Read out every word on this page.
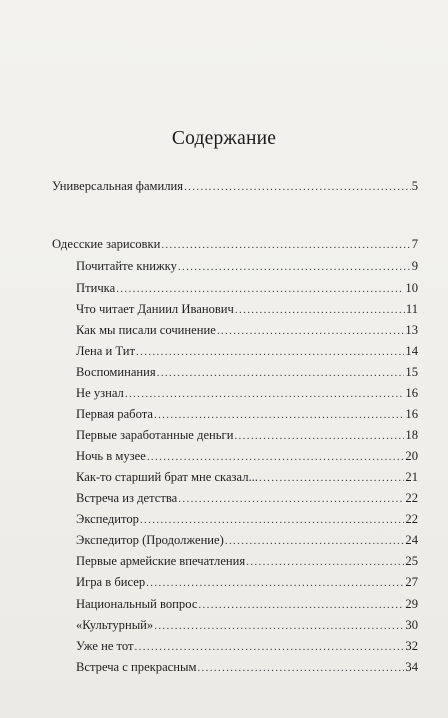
Содержание
Универсальная фамилия .....	5
Одесские зарисовки .....	7
Почитайте книжку .....	9
Птичка .....	10
Что читает Даниил Иванович .....	11
Как мы писали сочинение .....	13
Лена и Тит .....	14
Воспоминания .....	15
Не узнал .....	16
Первая работа .....	16
Первые заработанные деньги .....	18
Ночь в музее .....	20
Как-то старший брат мне сказал... .....	21
Встреча из детства .....	22
Экспедитор .....	22
Экспедитор (Продолжение) .....	24
Первые армейские впечатления .....	25
Игра в бисер .....	27
Национальный вопрос .....	29
«Культурный» .....	30
Уже не тот .....	32
Встреча с прекрасным .....	34
